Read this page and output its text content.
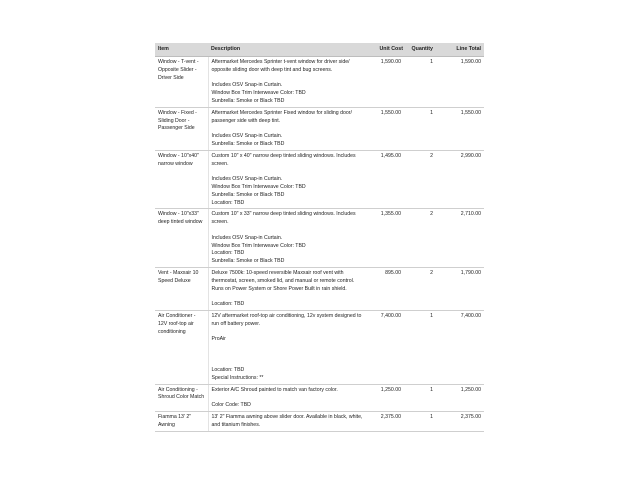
Item	Description	Unit Cost	Quantity	Line Total
Window - T-vent - Opposite Slider - Driver Side	Aftermarket Mercedes Sprinter t-vent window for driver side/ opposite sliding door with deep tint and bug screens.
Includes OSV Snap-in Curtain.
Window Box Trim Interweave Color: TBD
Sunbrella: Smoke or Black TBD	1,590.00	1	1,590.00
Window - Fixed - Sliding Door - Passenger Side	Aftermarket Mercedes Sprinter Fixed window for sliding door/ passenger side with deep tint.
Includes OSV Snap-in Curtain.
Sunbrella: Smoke or Black TBD	1,550.00	1	1,550.00
Window - 10"x40" narrow window	Custom 10" x 40" narrow deep tinted sliding windows. Includes screen.
Includes OSV Snap-in Curtain.
Window Box Trim Interweave Color: TBD
Sunbrella: Smoke or Black TBD
Location: TBD	1,495.00	2	2,990.00
Window - 10"x33" deep tinted window	Custom 10" x 33" narrow deep tinted sliding windows. Includes screen.
Includes OSV Snap-in Curtain.
Window Box Trim Interweave Color: TBD
Location: TBD
Sunbrella: Smoke or Black TBD	1,355.00	2	2,710.00
Vent - Maxxair 10 Speed Deluxe	Deluxe 7500k: 10-speed reversible Maxxair roof vent with thermostat, screen, smoked lid, and manual or remote control. Runs on Power System or Shore Power Built in rain shield.
Location: TBD	895.00	2	1,790.00
Air Conditioner - 12V roof-top air conditioning	12V aftermarket roof-top air conditioning, 12v system designed to run off battery power.
ProAir
Location: TBD
Special Instructions: **	7,400.00	1	7,400.00
Air Conditioning - Shroud Color Match	Exterior A/C Shroud painted to match van factory color.
Color Code: TBD	1,250.00	1	1,250.00
Fiamma 13' 2" Awning	13' 2" Fiamma awning above slider door. Available in black, white, and titanium finishes.	2,375.00	1	2,375.00
